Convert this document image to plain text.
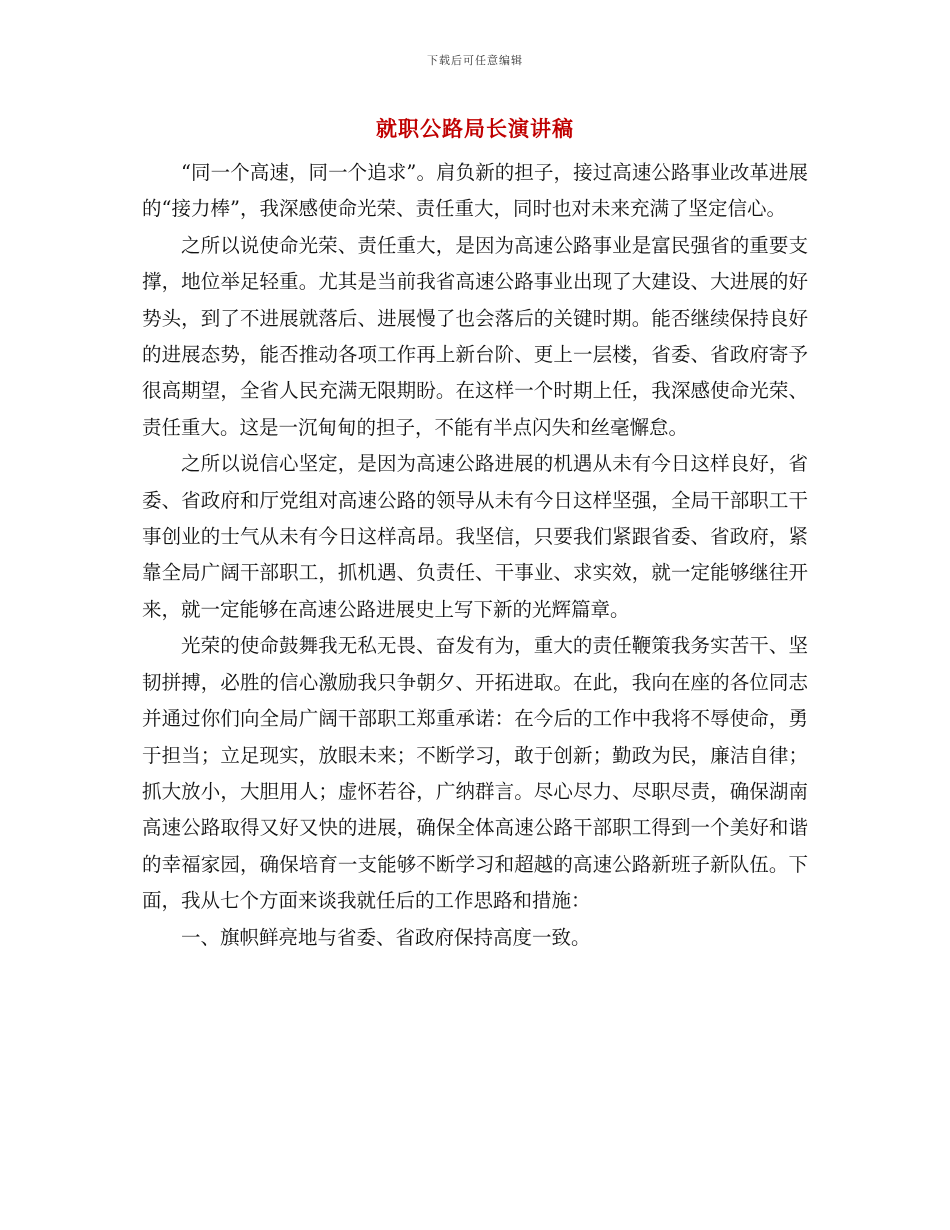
下载后可任意编辑
就职公路局长演讲稿

“同一个高速，同一个追求”。肩负新的担子，接过高速公路事业改革进展的“接力棒”，我深感使命光荣、责任重大，同时也对未来充满了坚定信心。

之所以说使命光荣、责任重大，是因为高速公路事业是富民强省的重要支撑，地位举足轻重。尤其是当前我省高速公路事业出现了大建设、大进展的好势头，到了不进展就落后、进展慢了也会落后的关键时期。能否继续保持良好的进展态势，能否推动各项工作再上新台阶、更上一层楼，省委、省政府寄予很高期望，全省人民充满无限期盼。在这样一个时期上任，我深感使命光荣、责任重大。这是一沉甸甸的担子，不能有半点闪失和丝毫懈怠。

之所以说信心坚定，是因为高速公路进展的机遇从未有今日这样良好，省委、省政府和厅党组对高速公路的领导从未有今日这样坚强，全局干部职工干事创业的士气从未有今日这样高昂。我坚信，只要我们紧跟省委、省政府，紧靠全局广阔干部职工，抓机遇、负责任、干事业、求实效，就一定能够继往开来，就一定能够在高速公路进展史上写下新的光辉篇章。

光荣的使命鼓舞我无私无畏、奋发有为，重大的责任鞭策我务实苦干、坚韧拼搏，必胜的信心激励我只争朝夕、开拓进取。在此，我向在座的各位同志并通过你们向全局广阔干部职工郑重承诺：在今后的工作中我将不辱使命，勇于担当；立足现实，放眼未来；不断学习，敢于创新；勤政为民，廉洁自律；抓大放小，大胆用人；虚怀若谷，广纳群言。尽心尽力、尽职尽责，确保湖南高速公路取得又好又快的进展，确保全体高速公路干部职工得到一个美好和谐的幸福家园，确保培育一支能够不断学习和超越的高速公路新班子新队伍。下面，我从七个方面来谈我就任后的工作思路和措施：

一、旗帜鲜亮地与省委、省政府保持高度一致。
